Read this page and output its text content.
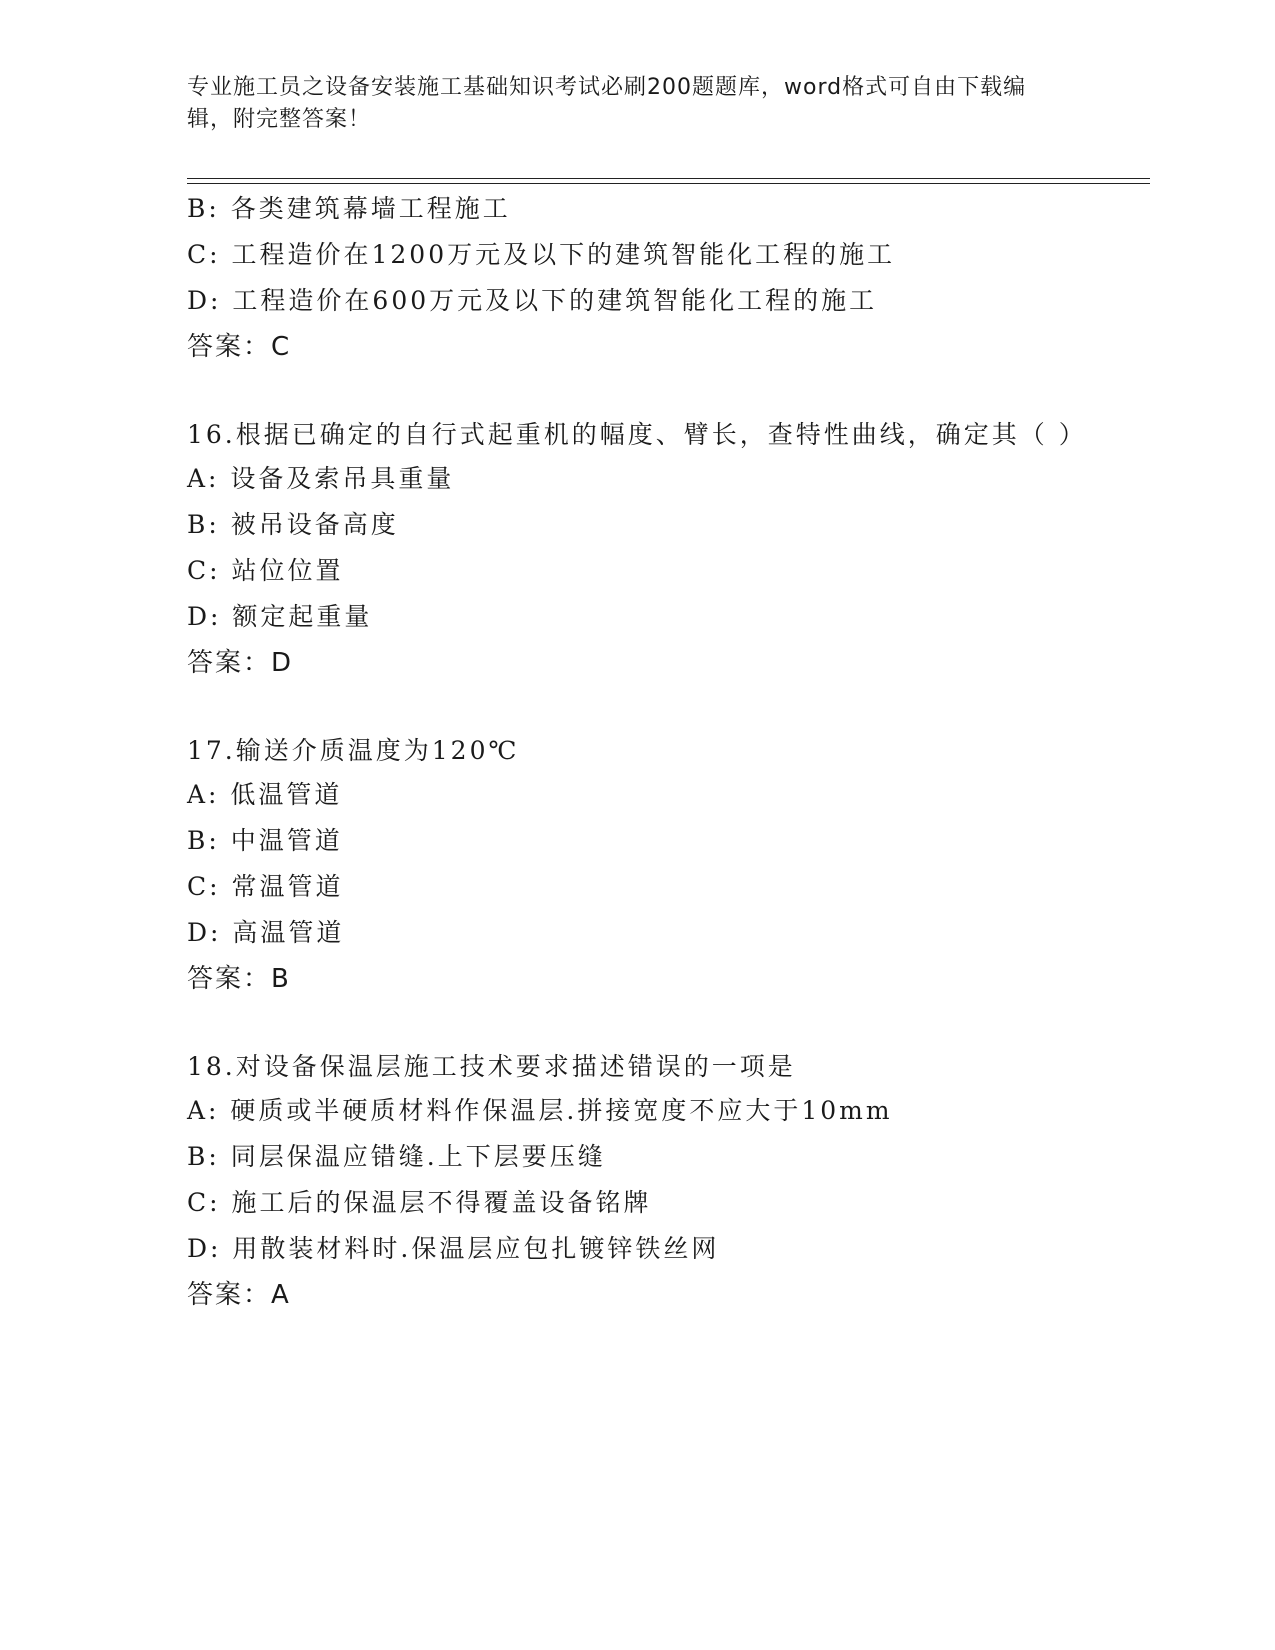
专业施工员之设备安装施工基础知识考试必刷200题题库，word格式可自由下载编辑，附完整答案！
B: 各类建筑幕墙工程施工
C: 工程造价在1200万元及以下的建筑智能化工程的施工
D: 工程造价在600万元及以下的建筑智能化工程的施工
答案：C
16.根据已确定的自行式起重机的幅度、臂长，查特性曲线，确定其（ ）
A: 设备及索吊具重量
B: 被吊设备高度
C: 站位位置
D: 额定起重量
答案：D
17.输送介质温度为120℃
A: 低温管道
B: 中温管道
C: 常温管道
D: 高温管道
答案：B
18.对设备保温层施工技术要求描述错误的一项是
A: 硬质或半硬质材料作保温层.拼接宽度不应大于10mm
B: 同层保温应错缝.上下层要压缝
C: 施工后的保温层不得覆盖设备铭牌
D: 用散装材料时.保温层应包扎镀锌铁丝网
答案：A
